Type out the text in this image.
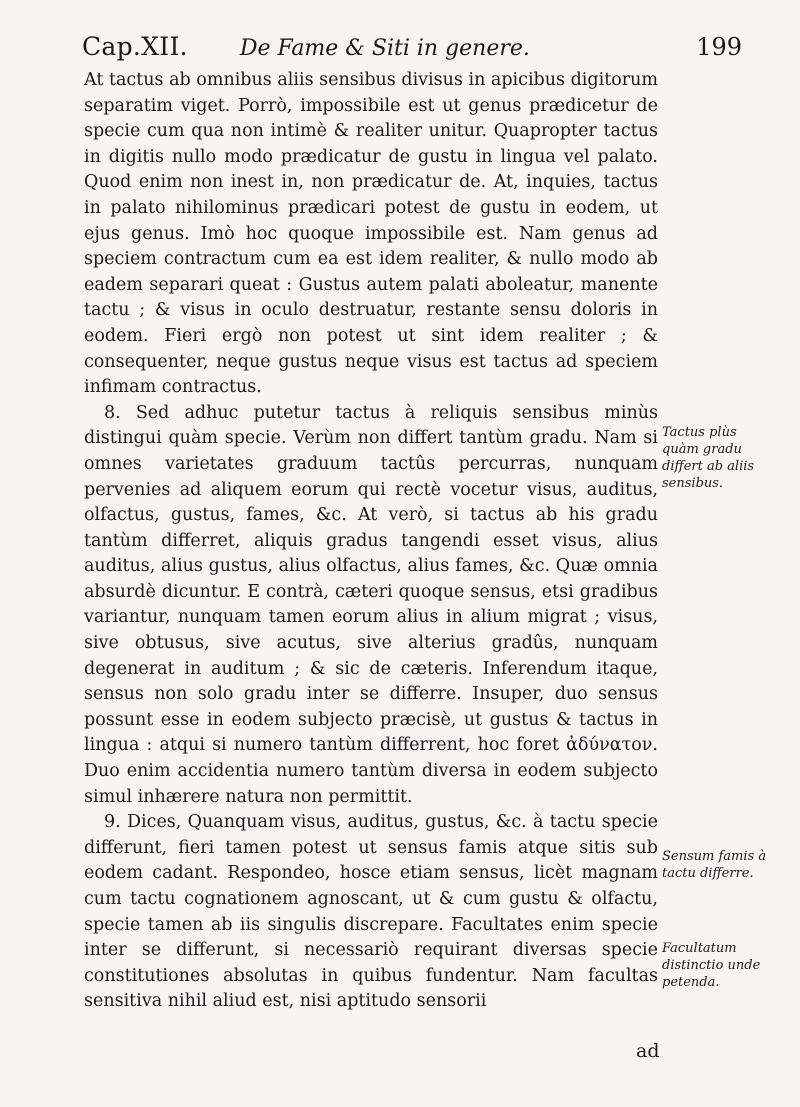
Cap.XII. De Fame & Siti in genere.	199

At tactus ab omnibus aliis sensibus divisus in apicibus digitorum separatim viget. Porrò, impossibile est ut genus prædicetur de specie cum qua non intimè & realiter unitur. Quapropter tactus in digitis nullo modo prædicatur de gustu in lingua vel palato. Quod enim non inest in, non prædicatur de. At, inquies, tactus in palato nihilominus prædicari potest de gustu in eodem, ut ejus genus. Imò hoc quoque impossibile est. Nam genus ad speciem contractum cum ea est idem realiter, & nullo modo ab eadem separari queat : Gustus autem palati aboleatur, manente tactu ; & visus in oculo destruatur, restante sensu doloris in eodem. Fieri ergò non potest ut sint idem realiter ; & consequenter, neque gustus neque visus est tactus ad speciem infimam contractus.

8. Sed adhuc putetur tactus à reliquis sensibus minùs distingui quàm specie. Verùm non differt tantùm gradu. Nam si omnes varietates graduum tactûs percurras, nunquam pervenies ad aliquem eorum qui rectè vocetur visus, auditus, olfactus, gustus, fames, &c. At verò, si tactus ab his gradu tantùm differret, aliquis gradus tangendi esset visus, alius auditus, alius gustus, alius olfactus, alius fames, &c. Quæ omnia absurdè dicuntur. E contrà, cæteri quoque sensus, etsi gradibus variantur, nunquam tamen eorum alius in alium migrat ; visus, sive obtusus, sive acutus, sive alterius gradûs, nunquam degenerat in auditum ; & sic de cæteris. Inferendum itaque, sensus non solo gradu inter se differre. Insuper, duo sensus possunt esse in eodem subjecto præcisè, ut gustus & tactus in lingua : atqui si numero tantùm differrent, hoc foret ἀδύνατον. Duo enim accidentia numero tantùm diversa in eodem subjecto simul inhærere natura non permittit.

9. Dices, Quanquam visus, auditus, gustus, &c. à tactu specie differunt, fieri tamen potest ut sensus famis atque sitis sub eodem cadant. Respondeo, hosce etiam sensus, licèt magnam cum tactu cognationem agnoscant, ut & cum gustu & olfactu, specie tamen ab iis singulis discrepare. Facultates enim specie inter se differunt, si necessariò requirant diversas specie constitutiones absolutas in quibus fundentur. Nam facultas sensitiva nihil aliud est, nisi aptitudo sensorii

Tactus plùs quàm gradu differt ab aliis sensibus.
Sensum famis à tactu differre.
Facultatum distinctio unde petenda.
ad
